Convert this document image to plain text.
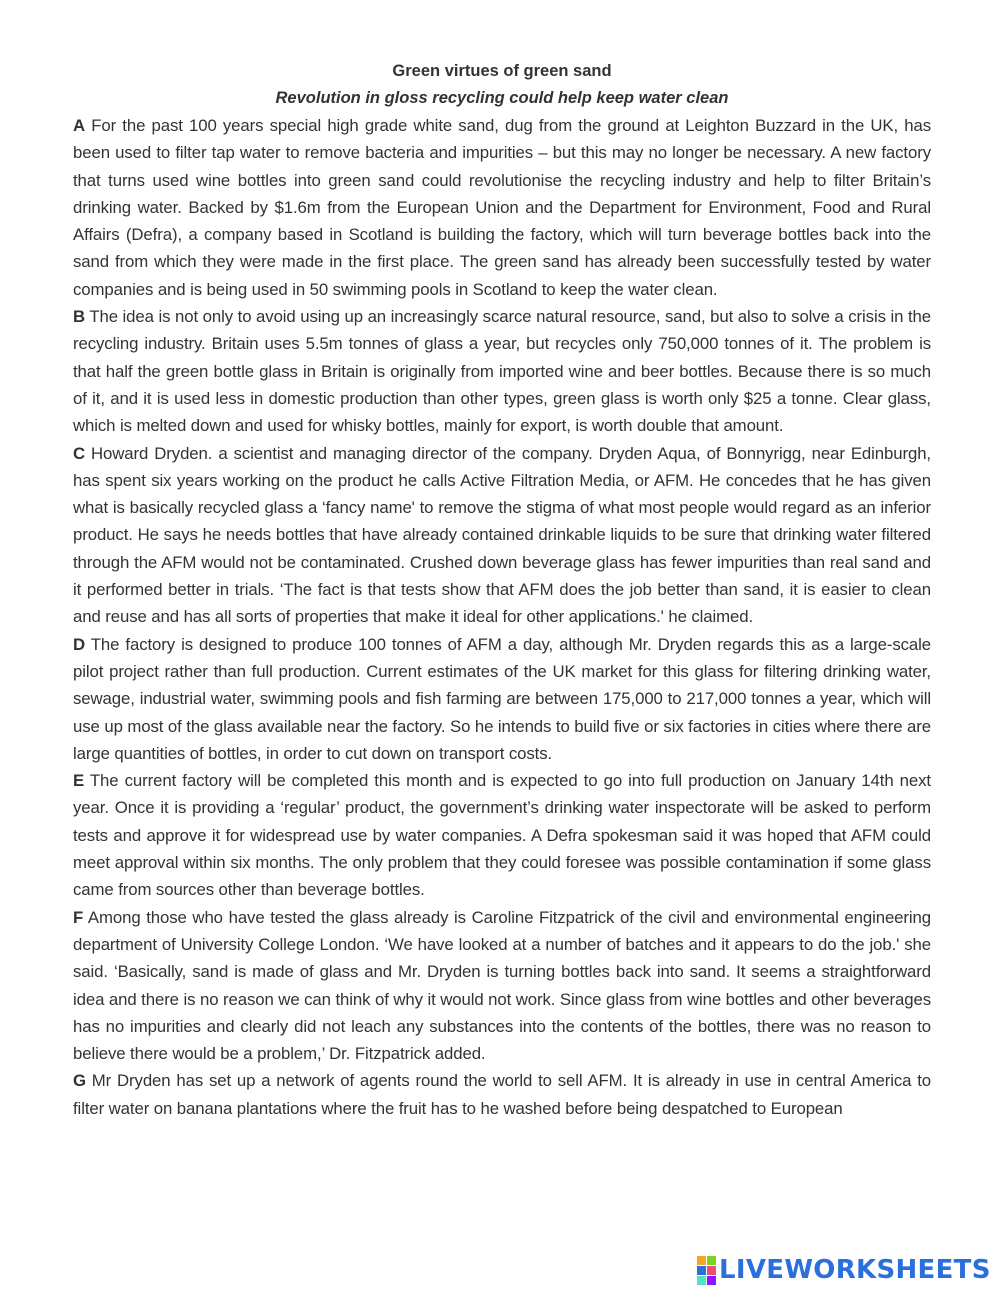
Green virtues of green sand

Revolution in gloss recycling could help keep water clean

A For the past 100 years special high grade white sand, dug from the ground at Leighton Buzzard in the UK, has been used to filter tap water to remove bacteria and impurities – but this may no longer be necessary. A new factory that turns used wine bottles into green sand could revolutionise the recycling industry and help to filter Britain’s drinking water. Backed by $1.6m from the European Union and the Department for Environment, Food and Rural Affairs (Defra), a company based in Scotland is building the factory, which will turn beverage bottles back into the sand from which they were made in the first place. The green sand has already been successfully tested by water companies and is being used in 50 swimming pools in Scotland to keep the water clean.

B The idea is not only to avoid using up an increasingly scarce natural resource, sand, but also to solve a crisis in the recycling industry. Britain uses 5.5m tonnes of glass a year, but recycles only 750,000 tonnes of it. The problem is that half the green bottle glass in Britain is originally from imported wine and beer bottles. Because there is so much of it, and it is used less in domestic production than other types, green glass is worth only $25 a tonne. Clear glass, which is melted down and used for whisky bottles, mainly for export, is worth double that amount.

C Howard Dryden. a scientist and managing director of the company. Dryden Aqua, of Bonnyrigg, near Edinburgh, has spent six years working on the product he calls Active Filtration Media, or AFM. He concedes that he has given what is basically recycled glass a ‘fancy name' to remove the stigma of what most people would regard as an inferior product. He says he needs bottles that have already contained drinkable liquids to be sure that drinking water filtered through the AFM would not be contaminated. Crushed down beverage glass has fewer impurities than real sand and it performed better in trials. ‘The fact is that tests show that AFM does the job better than sand, it is easier to clean and reuse and has all sorts of properties that make it ideal for other applications.' he claimed.

D The factory is designed to produce 100 tonnes of AFM a day, although Mr. Dryden regards this as a large-scale pilot project rather than full production. Current estimates of the UK market for this glass for filtering drinking water, sewage, industrial water, swimming pools and fish farming are between 175,000 to 217,000 tonnes a year, which will use up most of the glass available near the factory. So he intends to build five or six factories in cities where there are large quantities of bottles, in order to cut down on transport costs.

E The current factory will be completed this month and is expected to go into full production on January 14th next year. Once it is providing a ‘regular’ product, the government’s drinking water inspectorate will be asked to perform tests and approve it for widespread use by water companies. A Defra spokesman said it was hoped that AFM could meet approval within six months. The only problem that they could foresee was possible contamination if some glass came from sources other than beverage bottles.

F Among those who have tested the glass already is Caroline Fitzpatrick of the civil and environmental engineering department of University College London. ‘We have looked at a number of batches and it appears to do the job.' she said. ‘Basically, sand is made of glass and Mr. Dryden is turning bottles back into sand. It seems a straightforward idea and there is no reason we can think of why it would not work. Since glass from wine bottles and other beverages has no impurities and clearly did not leach any substances into the contents of the bottles, there was no reason to believe there would be a problem,’ Dr. Fitzpatrick added.

G Mr Dryden has set up a network of agents round the world to sell AFM. It is already in use in central America to filter water on banana plantations where the fruit has to he washed before being despatched to European

LIVEWORKSHEETS
